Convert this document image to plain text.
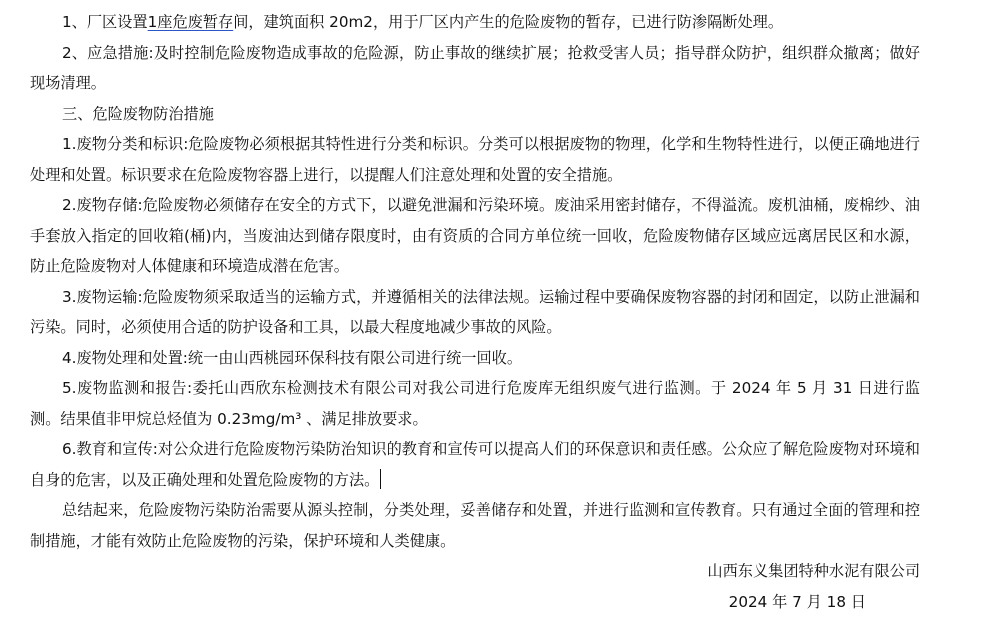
1、厂区设置1座危废暂存间，建筑面积 20m2，用于厂区内产生的危险废物的暂存，已进行防渗隔断处理。

2、应急措施:及时控制危险废物造成事故的危险源，防止事故的继续扩展；抢救受害人员；指导群众防护，组织群众撤离；做好现场清理。

三、危险废物防治措施

1.废物分类和标识:危险废物必须根据其特性进行分类和标识。分类可以根据废物的物理，化学和生物特性进行，以便正确地进行处理和处置。标识要求在危险废物容器上进行，以提醒人们注意处理和处置的安全措施。

2.废物存储:危险废物必须储存在安全的方式下，以避免泄漏和污染环境。废油采用密封储存，不得溢流。废机油桶，废棉纱、油手套放入指定的回收箱(桶)内，当废油达到储存限度时，由有资质的合同方单位统一回收，危险废物储存区域应远离居民区和水源，防止危险废物对人体健康和环境造成潜在危害。

3.废物运输:危险废物须采取适当的运输方式，并遵循相关的法律法规。运输过程中要确保废物容器的封闭和固定，以防止泄漏和污染。同时，必须使用合适的防护设备和工具，以最大程度地减少事故的风险。

4.废物处理和处置:统一由山西桃园环保科技有限公司进行统一回收。

5.废物监测和报告:委托山西欣东检测技术有限公司对我公司进行危废库无组织废气进行监测。于 2024 年 5 月 31 日进行监测。结果值非甲烷总烃值为 0.23mg/m³ 、满足排放要求。

6.教育和宣传:对公众进行危险废物污染防治知识的教育和宣传可以提高人们的环保意识和责任感。公众应了解危险废物对环境和自身的危害，以及正确处理和处置危险废物的方法。

总结起来，危险废物污染防治需要从源头控制，分类处理，妥善储存和处置，并进行监测和宣传教育。只有通过全面的管理和控制措施，才能有效防止危险废物的污染，保护环境和人类健康。

山西东义集团特种水泥有限公司
2024 年 7 月 18 日
